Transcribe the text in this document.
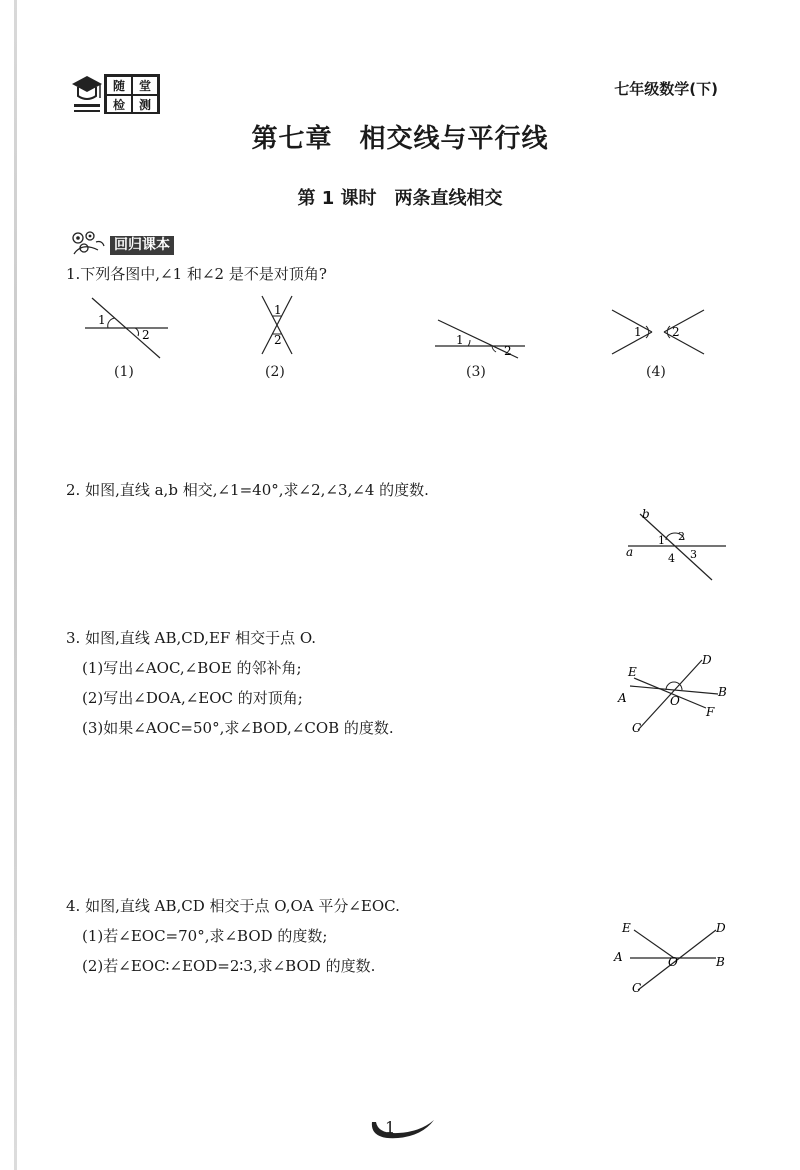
随	堂
检	测
七年级数学(下)
第七章　相交线与平行线
第 1 课时　两条直线相交
回归课本
1.下列各图中,∠1 和∠2 是不是对顶角?
1
2
(1)
1
2
(2)
1
2
(3)
1	2
(4)
2. 如图,直线 a,b 相交,∠1=40°,求∠2,∠3,∠4 的度数.
b
a
1 2
3
4
3. 如图,直线 AB,CD,EF 相交于点 O.
(1)写出∠AOC,∠BOE 的邻补角;
(2)写出∠DOA,∠EOC 的对顶角;
(3)如果∠AOC=50°,求∠BOD,∠COB 的度数.
E
D
A	O
B
F
C
4. 如图,直线 AB,CD 相交于点 O,OA 平分∠EOC.
(1)若∠EOC=70°,求∠BOD 的度数;
(2)若∠EOC∶∠EOD=2∶3,求∠BOD 的度数.
E	D
A	O	B
C
1
